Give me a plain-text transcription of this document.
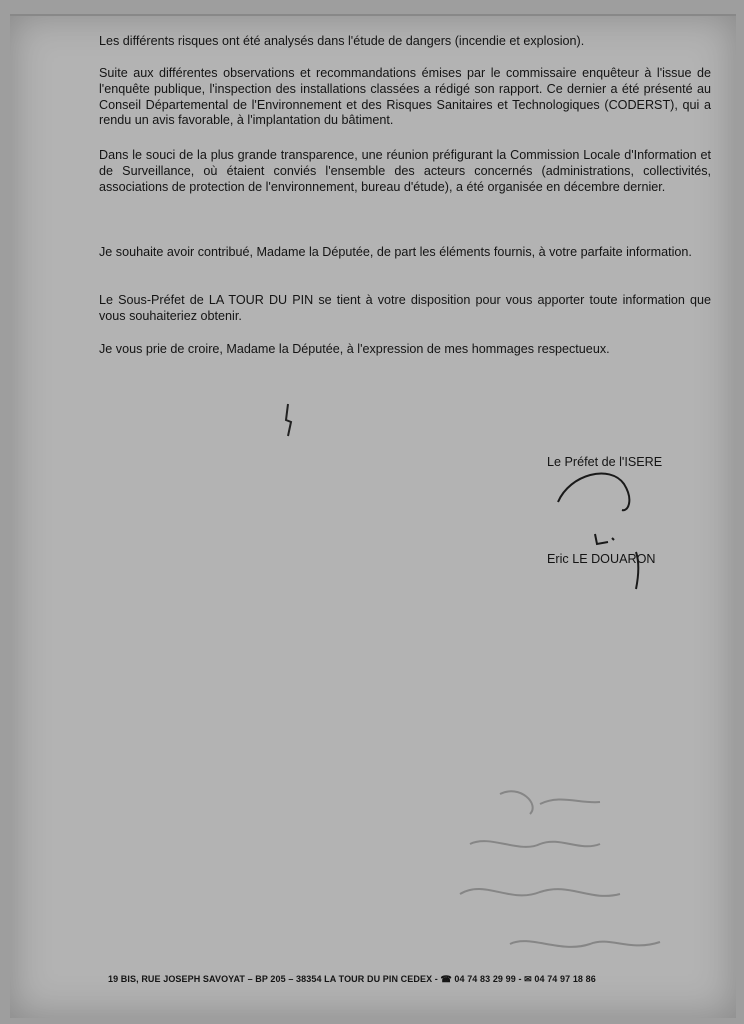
Les différents risques ont été analysés dans l'étude de dangers (incendie et explosion).
Suite aux différentes observations et recommandations émises par le commissaire enquêteur à l'issue de l'enquête publique, l'inspection des installations classées a rédigé son rapport. Ce dernier a été présenté au Conseil Départemental de l'Environnement et des Risques Sanitaires et Technologiques (CODERST), qui a rendu un avis favorable, à l'implantation du bâtiment.
Dans le souci de la plus grande transparence, une réunion préfigurant la Commission Locale d'Information et de Surveillance, où étaient conviés l'ensemble des acteurs concernés (administrations, collectivités, associations de protection de l'environnement, bureau d'étude), a été organisée en décembre dernier.
Je souhaite avoir contribué, Madame la Députée, de part les éléments fournis, à votre parfaite information.
Le Sous-Préfet de LA TOUR DU PIN se tient à votre disposition pour vous apporter toute information que vous souhaiteriez obtenir.
Je vous prie de croire, Madame la Députée, à l'expression de mes hommages respectueux.
Le Préfet de l'ISERE
Eric LE DOUARON
19 BIS, RUE JOSEPH SAVOYAT – BP 205 – 38354 LA TOUR DU PIN CEDEX - ☎ 04 74 83 29 99 - ✉ 04 74 97 18 86
